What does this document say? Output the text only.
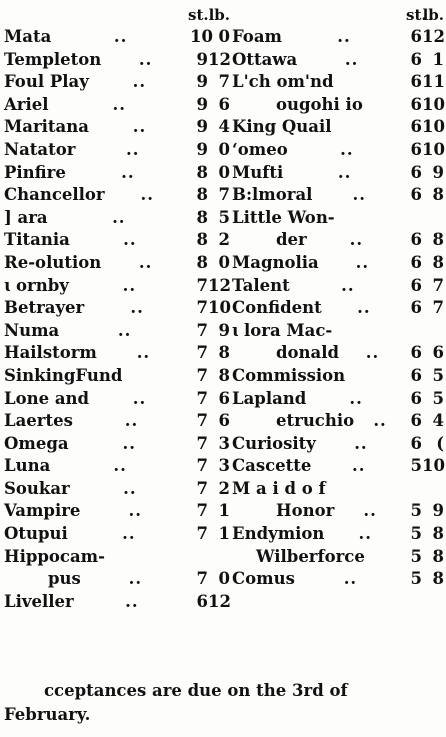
st. lb.
Mata	..	10 0
Templeton	..	9 12
Foul Play	..	9 7
Ariel	..	9 6
Maritana	..	9 4
Natator	..	9 0
Pinfire	..	8 0
Chancellor	..	8 7
] ara	..	8 5
Titania	..	8 2
Re-olution	..	8 0
ɩ ornby	..	7 12
Betrayer	..	7 10
Numa	..	7 9
Hailstorm	..	7 8
SinkingFund	7 8
Lone and	..	7 6
Laertes	..	7 6
Omega	..	7 3
Luna	..	7 3
Soukar	..	7 2
Vampire	..	7 1
Otupui	..	7 1
Hippocam-
pus	..	7 0
Liveller	..	6 12
st.
lb.
Foam	..	6 12
Ottawa	..	6 1
L'ch om'nd	6 11
ougohi io	6 10
King Quail	6 10
ʻomeo	..	6 10
Mufti	..	6 9
B:lmoral	..	6 8
Little Won-
der	..	6 8
Magnolia	..	6 8
Talent	..	6 7
Confident	..	6 7
ɩ lora Mac-
donald	..	6 6
Commission	6 5
Lapland	..	6 5
etruchio	..	6 4
Curiosity	..	6 (
Cascette	..	5 10
M a i d o f
Honor	..	5 9
Endymion	..	5 8
Wilberforce	5 8
Comus	..	5 8

cceptances are due on the 3rd of

February.
